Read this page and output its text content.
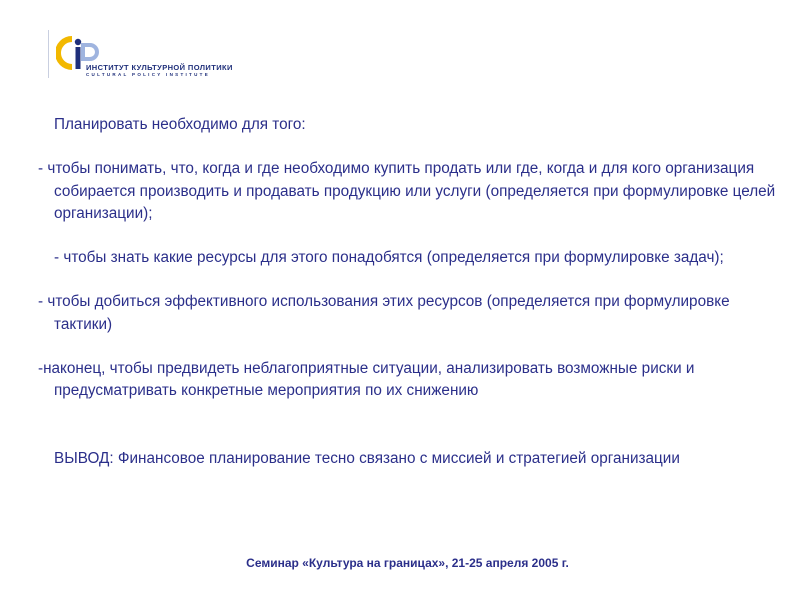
ИНСТИТУТ КУЛЬТУРНОЙ ПОЛИТИКИ
CULTURAL POLICY INSTITUTE

Планировать необходимо для того:

- чтобы понимать, что, когда и где необходимо купить продать или где, когда и для кого организация собирается производить и продавать продукцию или услуги (определяется при формулировке целей организации);

- чтобы знать какие ресурсы для этого понадобятся (определяется при формулировке задач);

- чтобы добиться эффективного использования этих ресурсов (определяется при формулировке тактики)

-наконец, чтобы предвидеть неблагоприятные ситуации, анализировать возможные риски и предусматривать конкретные мероприятия по их снижению

ВЫВОД: Финансовое планирование тесно связано с миссией и стратегией организации

Семинар «Культура на границах», 21-25 апреля 2005 г.
